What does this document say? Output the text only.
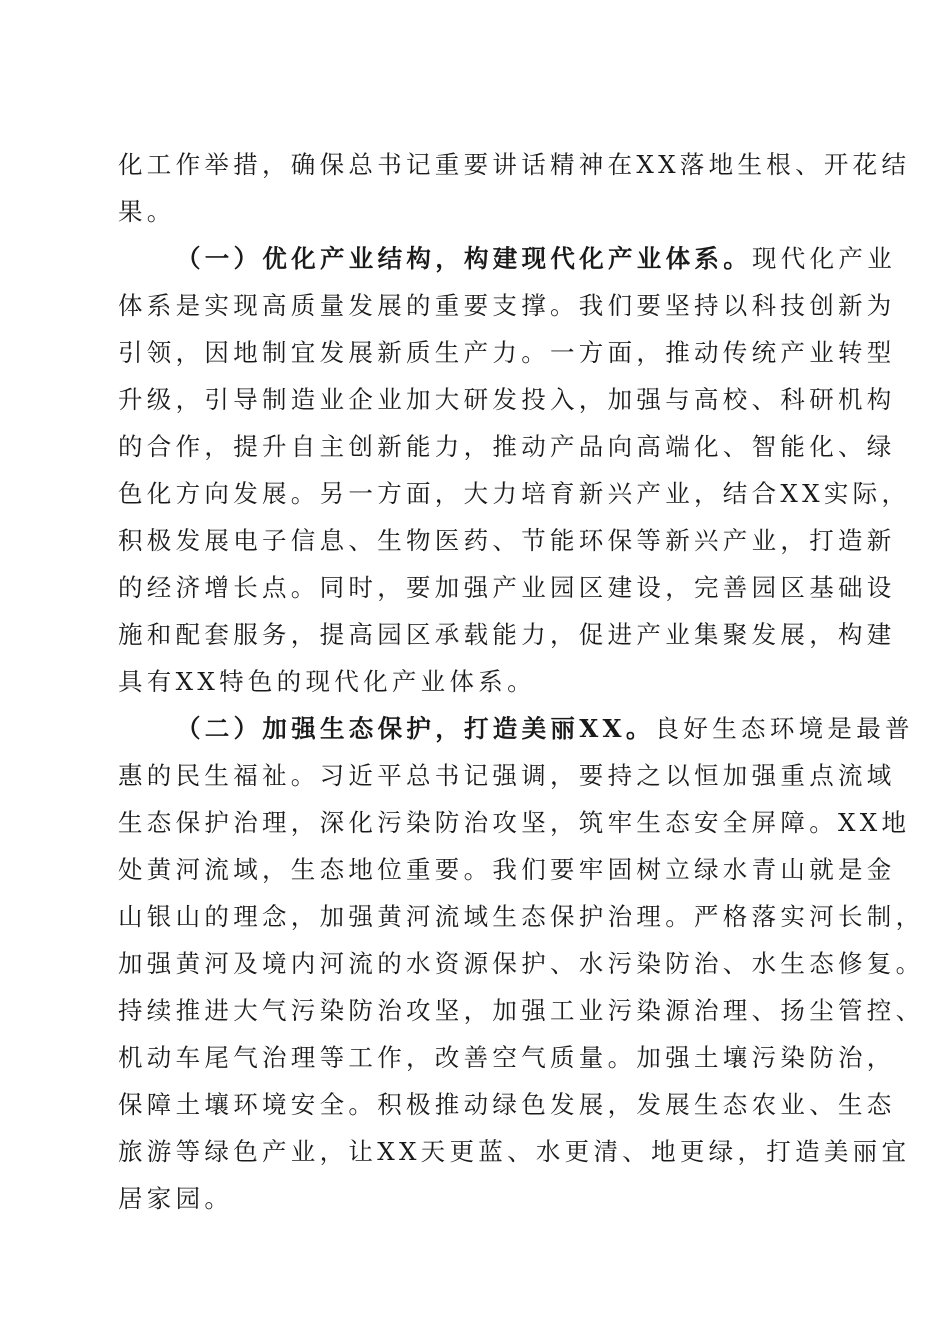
化工作举措，确保总书记重要讲话精神在XX落地生根、开花结
果。
（一）优化产业结构，构建现代化产业体系。现代化产业
体系是实现高质量发展的重要支撑。我们要坚持以科技创新为
引领，因地制宜发展新质生产力。一方面，推动传统产业转型
升级，引导制造业企业加大研发投入，加强与高校、科研机构
的合作，提升自主创新能力，推动产品向高端化、智能化、绿
色化方向发展。另一方面，大力培育新兴产业，结合XX实际，
积极发展电子信息、生物医药、节能环保等新兴产业，打造新
的经济增长点。同时，要加强产业园区建设，完善园区基础设
施和配套服务，提高园区承载能力，促进产业集聚发展，构建
具有XX特色的现代化产业体系。
（二）加强生态保护，打造美丽XX。良好生态环境是最普
惠的民生福祉。习近平总书记强调，要持之以恒加强重点流域
生态保护治理，深化污染防治攻坚，筑牢生态安全屏障。XX地
处黄河流域，生态地位重要。我们要牢固树立绿水青山就是金
山银山的理念，加强黄河流域生态保护治理。严格落实河长制，
加强黄河及境内河流的水资源保护、水污染防治、水生态修复。
持续推进大气污染防治攻坚，加强工业污染源治理、扬尘管控、
机动车尾气治理等工作，改善空气质量。加强土壤污染防治，
保障土壤环境安全。积极推动绿色发展，发展生态农业、生态
旅游等绿色产业，让XX天更蓝、水更清、地更绿，打造美丽宜
居家园。
